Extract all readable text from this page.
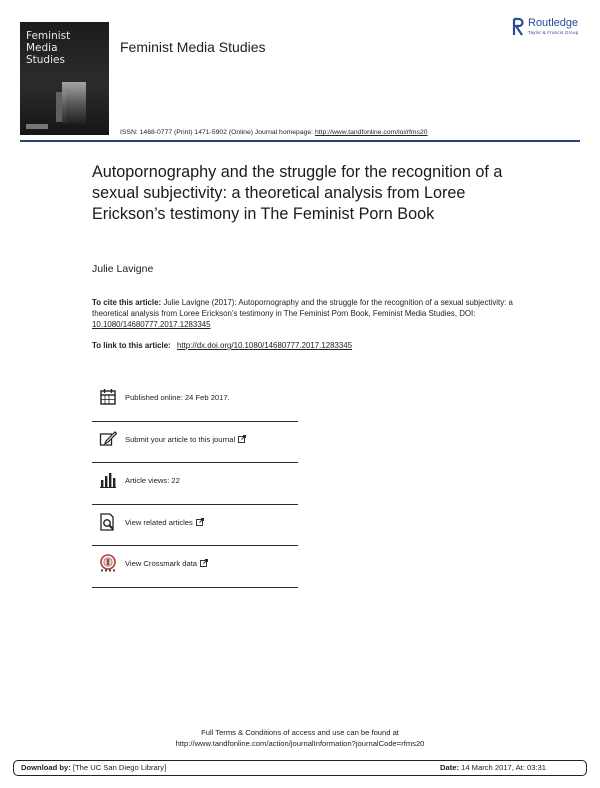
Feminist
Media
Studies
Feminist Media Studies
Routledge
Taylor & Francis Group
ISSN: 1468-0777 (Print) 1471-5902 (Online) Journal homepage: http://www.tandfonline.com/loi/rfms20
Autopornography and the struggle for the recognition of a sexual subjectivity: a theoretical analysis from Loree Erickson’s testimony in The Feminist Porn Book
Julie Lavigne
To cite this article: Julie Lavigne (2017): Autopornography and the struggle for the recognition of a sexual subjectivity: a theoretical analysis from Loree Erickson’s testimony in The Feminist Porn Book, Feminist Media Studies, DOI: 10.1080/14680777.2017.1283345
To link to this article: http://dx.doi.org/10.1080/14680777.2017.1283345
Published online: 24 Feb 2017.
Submit your article to this journal
Article views: 22
View related articles
View Crossmark data
Full Terms & Conditions of access and use can be found at
http://www.tandfonline.com/action/journalInformation?journalCode=rfms20
Download by: [The UC San Diego Library]	Date: 14 March 2017, At: 03:31
